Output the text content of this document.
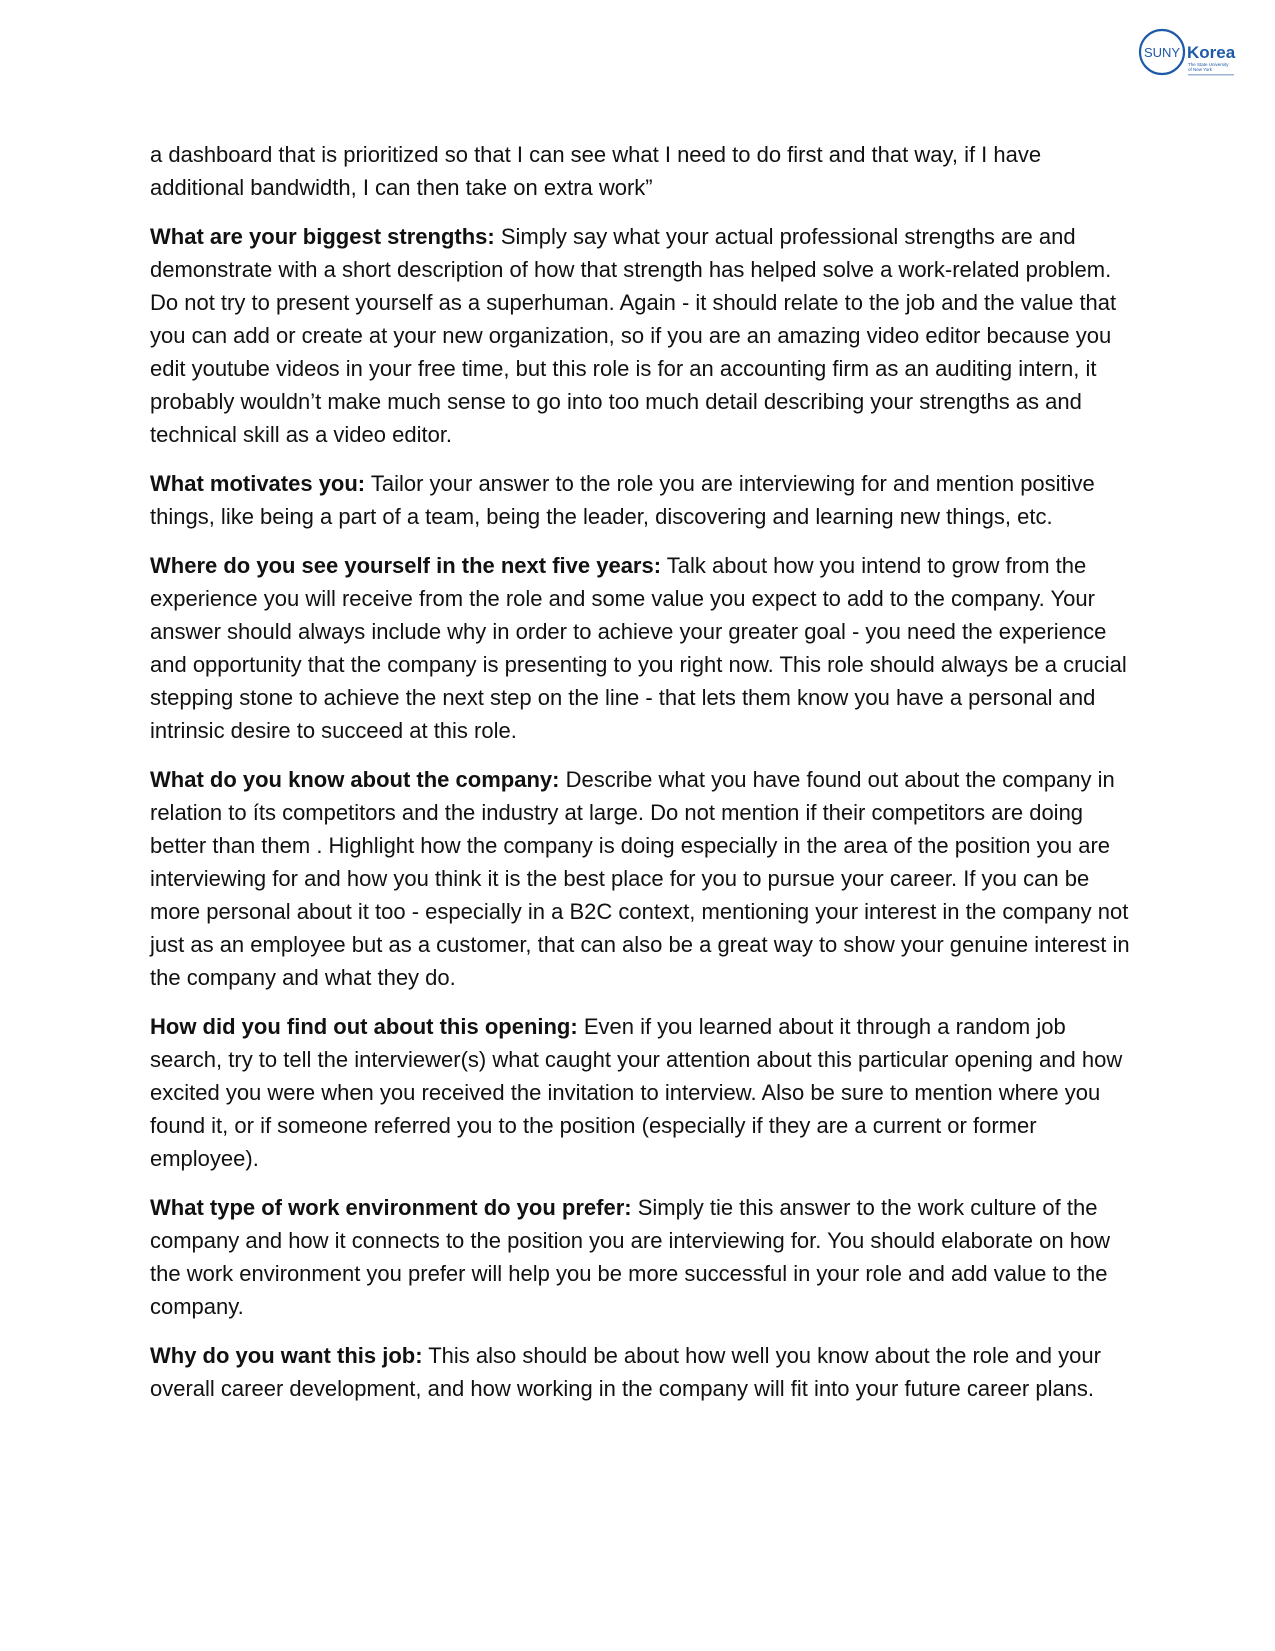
SUNY Korea
The State University
of New York

a dashboard that is prioritized so that I can see what I need to do first and that way, if I have additional bandwidth, I can then take on extra work”

What are your biggest strengths: Simply say what your actual professional strengths are and demonstrate with a short description of how that strength has helped solve a work-related problem. Do not try to present yourself as a superhuman. Again - it should relate to the job and the value that you can add or create at your new organization, so if you are an amazing video editor because you edit youtube videos in your free time, but this role is for an accounting firm as an auditing intern, it probably wouldn’t make much sense to go into too much detail describing your strengths as and technical skill as a video editor.

What motivates you: Tailor your answer to the role you are interviewing for and mention positive things, like being a part of a team, being the leader, discovering and learning new things, etc.

Where do you see yourself in the next five years: Talk about how you intend to grow from the experience you will receive from the role and some value you expect to add to the company. Your answer should always include why in order to achieve your greater goal - you need the experience and opportunity that the company is presenting to you right now. This role should always be a crucial stepping stone to achieve the next step on the line - that lets them know you have a personal and intrinsic desire to succeed at this role.

What do you know about the company: Describe what you have found out about the company in relation to íts competitors and the industry at large. Do not mention if their competitors are doing better than them . Highlight how the company is doing especially in the area of the position you are interviewing for and how you think it is the best place for you to pursue your career. If you can be more personal about it too - especially in a B2C context, mentioning your interest in the company not just as an employee but as a customer, that can also be a great way to show your genuine interest in the company and what they do.

How did you find out about this opening: Even if you learned about it through a random job search, try to tell the interviewer(s) what caught your attention about this particular opening and how excited you were when you received the invitation to interview. Also be sure to mention where you found it, or if someone referred you to the position (especially if they are a current or former employee).

What type of work environment do you prefer: Simply tie this answer to the work culture of the company and how it connects to the position you are interviewing for. You should elaborate on how the work environment you prefer will help you be more successful in your role and add value to the company.

Why do you want this job: This also should be about how well you know about the role and your overall career development, and how working in the company will fit into your future career plans.
